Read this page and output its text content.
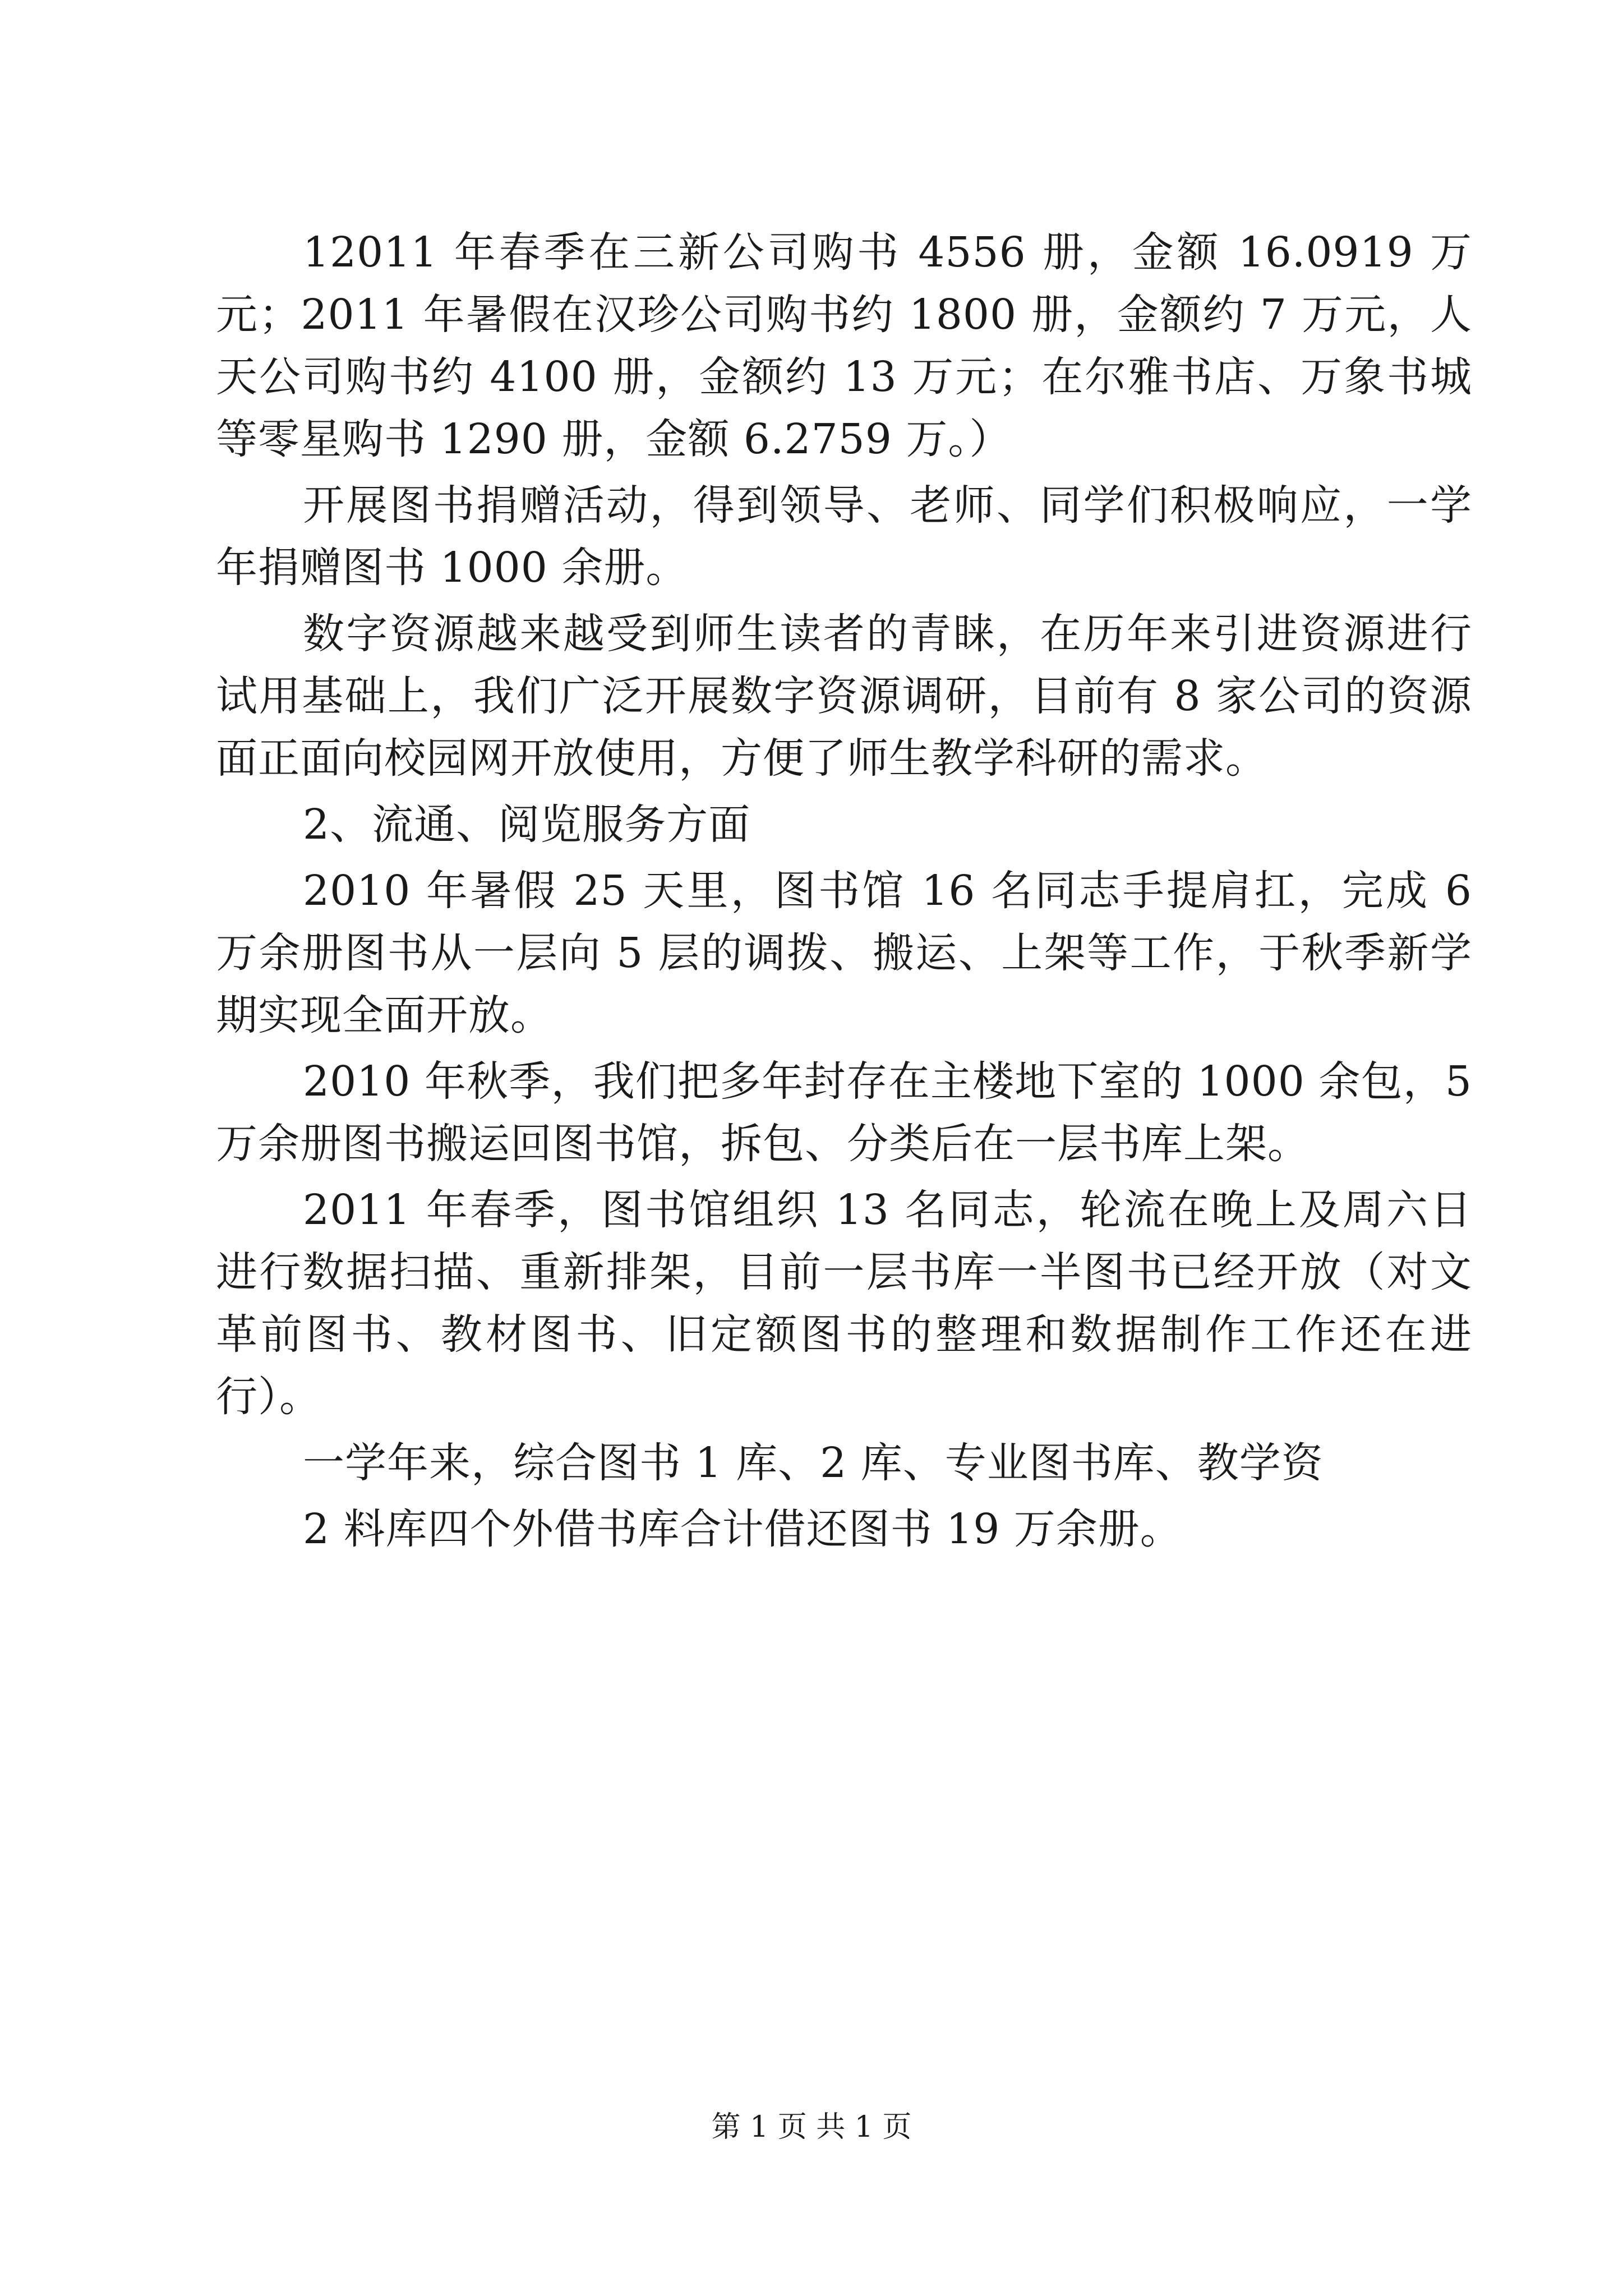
12011 年春季在三新公司购书 4556 册，金额 16.0919 万元；2011 年暑假在汉珍公司购书约 1800 册，金额约 7 万元，人天公司购书约 4100 册，金额约 13 万元；在尔雅书店、万象书城等零星购书 1290 册，金额 6.2759 万。）

开展图书捐赠活动，得到领导、老师、同学们积极响应，一学年捐赠图书 1000 余册。

数字资源越来越受到师生读者的青睐，在历年来引进资源进行试用基础上，我们广泛开展数字资源调研，目前有 8 家公司的资源面正面向校园网开放使用，方便了师生教学科研的需求。

2、流通、阅览服务方面

2010 年暑假 25 天里，图书馆 16 名同志手提肩扛，完成 6 万余册图书从一层向 5 层的调拨、搬运、上架等工作，于秋季新学期实现全面开放。

2010 年秋季，我们把多年封存在主楼地下室的 1000 余包，5 万余册图书搬运回图书馆，拆包、分类后在一层书库上架。

2011 年春季，图书馆组织 13 名同志，轮流在晚上及周六日进行数据扫描、重新排架，目前一层书库一半图书已经开放（对文革前图书、教材图书、旧定额图书的整理和数据制作工作还在进行）。

一学年来，综合图书 1 库、2 库、专业图书库、教学资

2 料库四个外借书库合计借还图书 19 万余册。

第 1 页 共 1 页
